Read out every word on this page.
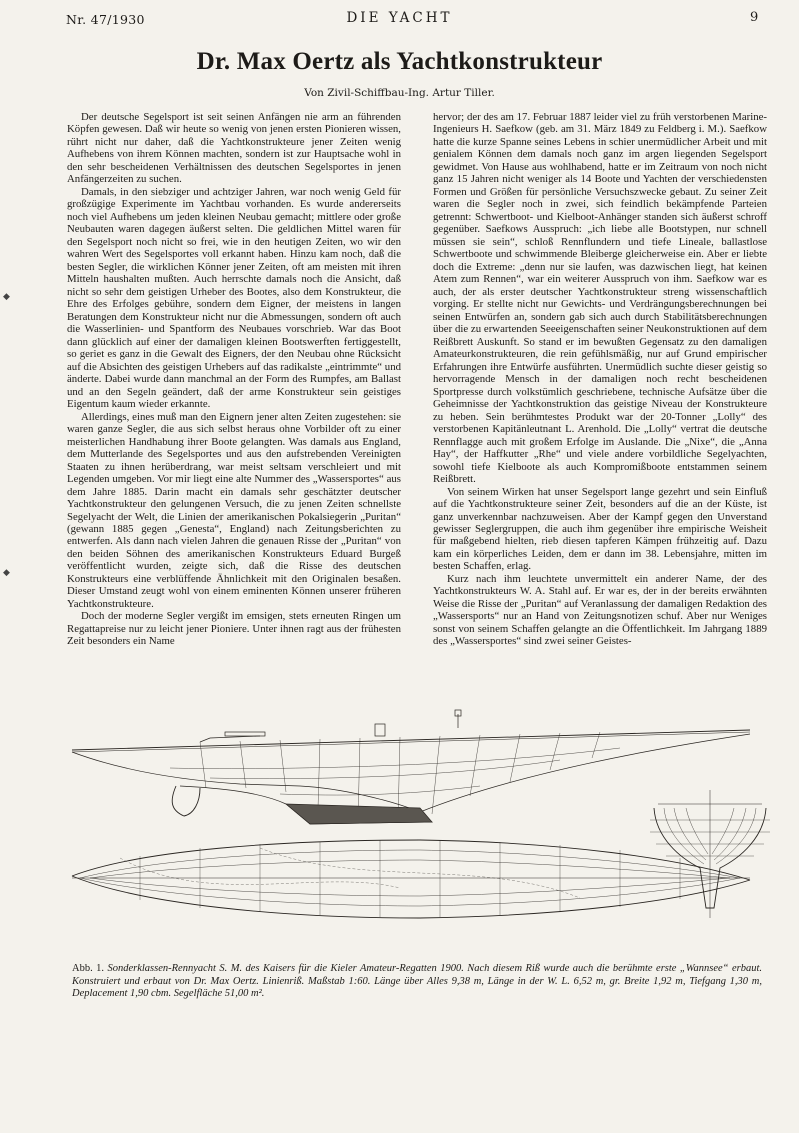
Nr. 47/1930	DIE YACHT	9
Dr. Max Oertz als Yachtkonstrukteur
Von Zivil-Schiffbau-Ing. Artur Tiller.

Der deutsche Segelsport ist seit seinen Anfängen nie arm an führenden Köpfen gewesen. Daß wir heute so wenig von jenen ersten Pionieren wissen, rührt nicht nur daher, daß die Yachtkonstrukteure jener Zeiten wenig Aufhebens von ihrem Können machten, sondern ist zur Hauptsache wohl in den sehr bescheidenen Verhältnissen des deutschen Segelsportes in jenen Anfängerzeiten zu suchen.

Damals, in den siebziger und achtziger Jahren, war noch wenig Geld für großzügige Experimente im Yachtbau vorhanden. Es wurde andererseits noch viel Aufhebens um jeden kleinen Neubau gemacht; mittlere oder große Neubauten waren dagegen äußerst selten. Die geldlichen Mittel waren für den Segelsport noch nicht so frei, wie in den heutigen Zeiten, wo wir den wahren Wert des Segelsportes voll erkannt haben. Hinzu kam noch, daß die besten Segler, die wirklichen Könner jener Zeiten, oft am meisten mit ihren Mitteln haushalten mußten. Auch herrschte damals noch die Ansicht, daß nicht so sehr dem geistigen Urheber des Bootes, also dem Konstrukteur, die Ehre des Erfolges gebühre, sondern dem Eigner, der meistens in langen Beratungen dem Konstrukteur nicht nur die Abmessungen, sondern oft auch die Wasserlinien- und Spantform des Neubaues vorschrieb. War das Boot dann glücklich auf einer der damaligen kleinen Bootswerften fertiggestellt, so geriet es ganz in die Gewalt des Eigners, der den Neubau ohne Rücksicht auf die Absichten des geistigen Urhebers auf das radikalste „eintrimmte“ und änderte. Dabei wurde dann manchmal an der Form des Rumpfes, am Ballast und an den Segeln geändert, daß der arme Konstrukteur sein geistiges Eigentum kaum wieder erkannte.

Allerdings, eines muß man den Eignern jener alten Zeiten zugestehen: sie waren ganze Segler, die aus sich selbst heraus ohne Vorbilder oft zu einer meisterlichen Handhabung ihrer Boote gelangten. Was damals aus England, dem Mutterlande des Segelsportes und aus den aufstrebenden Vereinigten Staaten zu ihnen herüberdrang, war meist seltsam verschleiert und mit Legenden umgeben. Vor mir liegt eine alte Nummer des „Wassersportes“ aus dem Jahre 1885. Darin macht ein damals sehr geschätzter deutscher Yachtkonstrukteur den gelungenen Versuch, die zu jenen Zeiten schnellste Segelyacht der Welt, die Linien der amerikanischen Pokalsiegerin „Puritan“ (gewann 1885 gegen „Genesta“, England) nach Zeitungsberichten zu entwerfen. Als dann nach vielen Jahren die genauen Risse der „Puritan“ von den beiden Söhnen des amerikanischen Konstrukteurs Eduard Burgeß veröffentlicht wurden, zeigte sich, daß die Risse des deutschen Konstrukteurs eine verblüffende Ähnlichkeit mit den Originalen besaßen. Dieser Umstand zeugt wohl von einem eminenten Können unserer früheren Yachtkonstrukteure.

Doch der moderne Segler vergißt im emsigen, stets erneuten Ringen um Regattapreise nur zu leicht jener Pioniere. Unter ihnen ragt aus der frühesten Zeit besonders ein Name

hervor; der des am 17. Februar 1887 leider viel zu früh verstorbenen Marine-Ingenieurs H. Saefkow (geb. am 31. März 1849 zu Feldberg i. M.). Saefkow hatte die kurze Spanne seines Lebens in schier unermüdlicher Arbeit und mit genialem Können dem damals noch ganz im argen liegenden Segelsport gewidmet. Von Hause aus wohlhabend, hatte er im Zeitraum von noch nicht ganz 15 Jahren nicht weniger als 14 Boote und Yachten der verschiedensten Formen und Größen für persönliche Versuchszwecke gebaut. Zu seiner Zeit waren die Segler noch in zwei, sich feindlich bekämpfende Parteien getrennt: Schwertboot- und Kielboot-Anhänger standen sich äußerst schroff gegenüber. Saefkows Ausspruch: „ich liebe alle Bootstypen, nur schnell müssen sie sein“, schloß Rennflundern und tiefe Lineale, ballastlose Schwertboote und schwimmende Bleiberge gleicherweise ein. Aber er liebte doch die Extreme: „denn nur sie laufen, was dazwischen liegt, hat keinen Atem zum Rennen“, war ein weiterer Ausspruch von ihm. Saefkow war es auch, der als erster deutscher Yachtkonstrukteur streng wissenschaftlich vorging. Er stellte nicht nur Gewichts- und Verdrängungsberechnungen bei seinen Entwürfen an, sondern gab sich auch durch Stabilitätsberechnungen über die zu erwartenden Seeeigenschaften seiner Neukonstruktionen auf dem Reißbrett Auskunft. So stand er im bewußten Gegensatz zu den damaligen Amateurkonstrukteuren, die rein gefühlsmäßig, nur auf Grund empirischer Erfahrungen ihre Entwürfe ausführten. Unermüdlich suchte dieser geistig so hervorragende Mensch in der damaligen noch recht bescheidenen Sportpresse durch volkstümlich geschriebene, technische Aufsätze über die Geheimnisse der Yachtkonstruktion das geistige Niveau der Konstrukteure zu heben. Sein berühmtestes Produkt war der 20-Tonner „Lolly“ des verstorbenen Kapitänleutnant L. Arenhold. Die „Lolly“ vertrat die deutsche Rennflagge auch mit großem Erfolge im Auslande. Die „Nixe“, die „Anna Hay“, der Haffkutter „Rhe“ und viele andere vorbildliche Segelyachten, sowohl tiefe Kielboote als auch Kompromißboote entstammen seinem Reißbrett.

Von seinem Wirken hat unser Segelsport lange gezehrt und sein Einfluß auf die Yachtkonstrukteure seiner Zeit, besonders auf die an der Küste, ist ganz unverkennbar nachzuweisen. Aber der Kampf gegen den Unverstand gewisser Seglergruppen, die auch ihm gegenüber ihre empirische Weisheit für maßgebend hielten, rieb diesen tapferen Kämpen frühzeitig auf. Dazu kam ein körperliches Leiden, dem er dann im 38. Lebensjahre, mitten im besten Schaffen, erlag.

Kurz nach ihm leuchtete unvermittelt ein anderer Name, der des Yachtkonstrukteurs W. A. Stahl auf. Er war es, der in der bereits erwähnten Weise die Risse der „Puritan“ auf Veranlassung der damaligen Redaktion des „Wassersports“ nur an Hand von Zeitungsnotizen schuf. Aber nur Weniges sonst von seinem Schaffen gelangte an die Öffentlichkeit. Im Jahrgang 1889 des „Wassersportes“ sind zwei seiner Geistes-

◆
◆
Abb. 1. Sonderklassen-Rennyacht S. M. des Kaisers für die Kieler Amateur-Regatten 1900. Nach diesem Riß wurde auch die berühmte erste „Wannsee“ erbaut. Konstruiert und erbaut von Dr. Max Oertz. Linienriß. Maßstab 1:60. Länge über Alles 9,38 m, Länge in der W. L. 6,52 m, gr. Breite 1,92 m, Tiefgang 1,30 m, Deplacement 1,90 cbm. Segelfläche 51,00 m².
